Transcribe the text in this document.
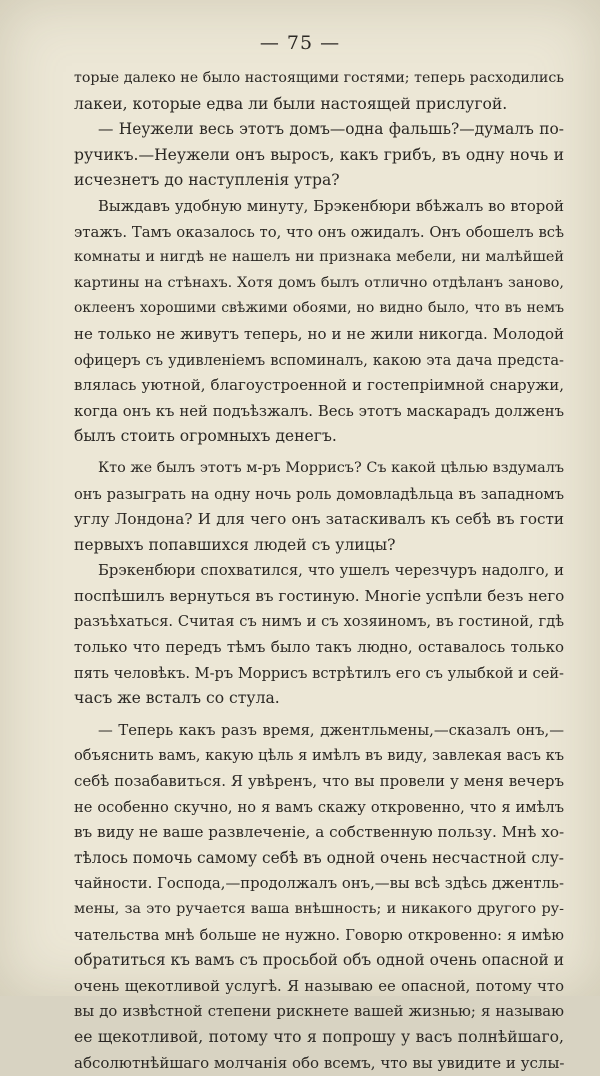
— 75 —
торые далеко не было настоящими гостями; теперь расходились
лакеи, которые едва ли были настоящей прислугой.
— Неужели весь этотъ домъ—одна фальшь?—думалъ по-
ручикъ.—Неужели онъ выросъ, какъ грибъ, въ одну ночь и
исчезнетъ до наступленія утра?
Выждавъ удобную минуту, Брэкенбюри вбѣжалъ во второй
этажъ. Тамъ оказалось то, что онъ ожидалъ. Онъ обошелъ всѣ
комнаты и нигдѣ не нашелъ ни признака мебели, ни малѣйшей
картины на стѣнахъ. Хотя домъ былъ отлично отдѣланъ заново,
оклеенъ хорошими свѣжими обоями, но видно было, что въ немъ
не только не живутъ теперь, но и не жили никогда. Молодой
офицеръ съ удивленіемъ вспоминалъ, какою эта дача предста-
влялась уютной, благоустроенной и гостепріимной снаружи,
когда онъ къ ней подъѣзжалъ. Весь этотъ маскарадъ долженъ
былъ стоить огромныхъ денегъ.
Кто же былъ этотъ м-ръ Моррисъ? Съ какой цѣлью вздумалъ
онъ разыграть на одну ночь роль домовладѣльца въ западномъ
углу Лондона? И для чего онъ затаскивалъ къ себѣ въ гости
первыхъ попавшихся людей съ улицы?
Брэкенбюри спохватился, что ушелъ черезчуръ надолго, и
поспѣшилъ вернуться въ гостиную. Многіе успѣли безъ него
разъѣхаться. Считая съ нимъ и съ хозяиномъ, въ гостиной, гдѣ
только что передъ тѣмъ было такъ людно, оставалось только
пять человѣкъ. М-ръ Моррисъ встрѣтилъ его съ улыбкой и сей-
часъ же всталъ со стула.
— Теперь какъ разъ время, джентльмены,—сказалъ онъ,—
объяснить вамъ, какую цѣль я имѣлъ въ виду, завлекая васъ къ
себѣ позабавиться. Я увѣренъ, что вы провели у меня вечеръ
не особенно скучно, но я вамъ скажу откровенно, что я имѣлъ
въ виду не ваше развлеченіе, а собственную пользу. Мнѣ хо-
тѣлось помочь самому себѣ въ одной очень несчастной слу-
чайности. Господа,—продолжалъ онъ,—вы всѣ здѣсь джентль-
мены, за это ручается ваша внѣшность; и никакого другого ру-
чательства мнѣ больше не нужно. Говорю откровенно: я имѣю
обратиться къ вамъ съ просьбой объ одной очень опасной и
очень щекотливой услугѣ. Я называю ее опасной, потому что
вы до извѣстной степени рискнете вашей жизнью; я называю
ее щекотливой, потому что я попрошу у васъ полнѣйшаго,
абсолютнѣйшаго молчанія обо всемъ, что вы увидите и услы-
